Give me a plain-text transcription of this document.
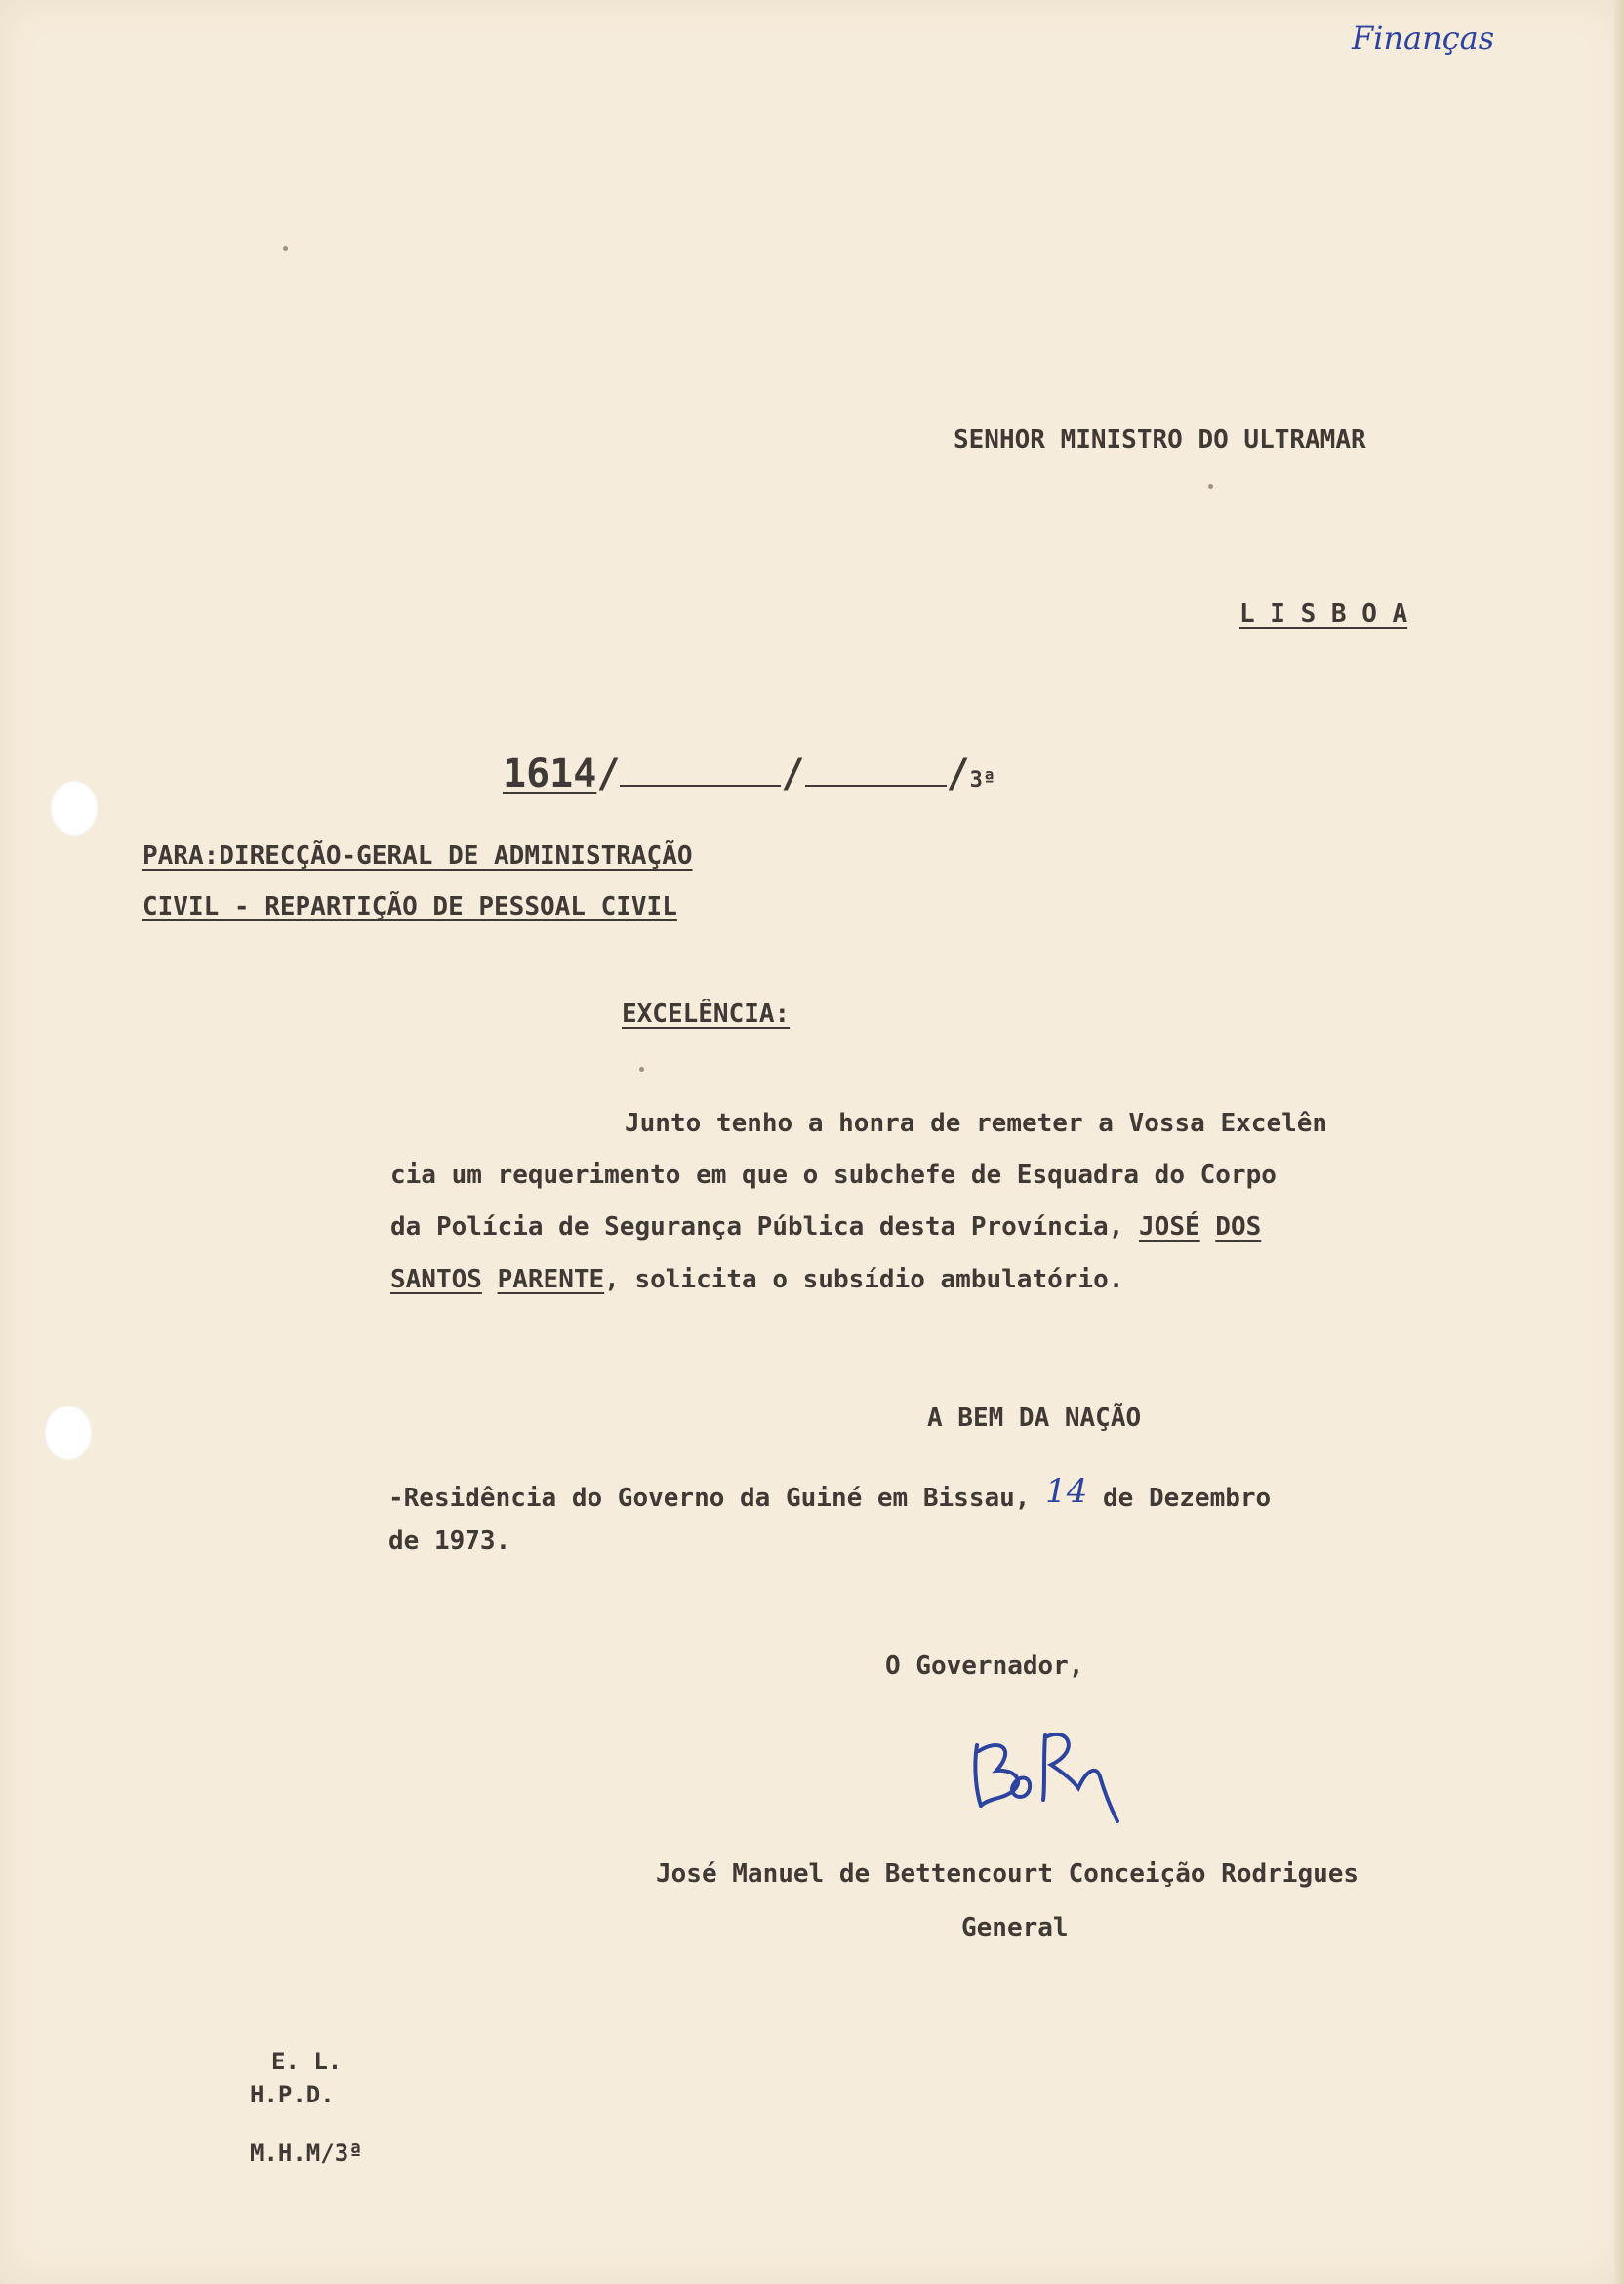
Finanças
SENHOR MINISTRO DO ULTRAMAR
L I S B O A
1614/	/	/3ª
PARA:DIRECÇÃO-GERAL DE ADMINISTRAÇÃO
CIVIL - REPARTIÇÃO DE PESSOAL CIVIL
EXCELÊNCIA:
Junto tenho a honra de remeter a Vossa Excelên
cia um requerimento em que o subchefe de Esquadra do Corpo
da Polícia de Segurança Pública desta Província, JOSÉ DOS
SANTOS PARENTE, solicita o subsídio ambulatório.
A BEM DA NAÇÃO
-Residência do Governo da Guiné em Bissau, 14 de Dezembro
de 1973.
O Governador,
José Manuel de Bettencourt Conceição Rodrigues
General
E. L.
H.P.D.
M.H.M/3ª
